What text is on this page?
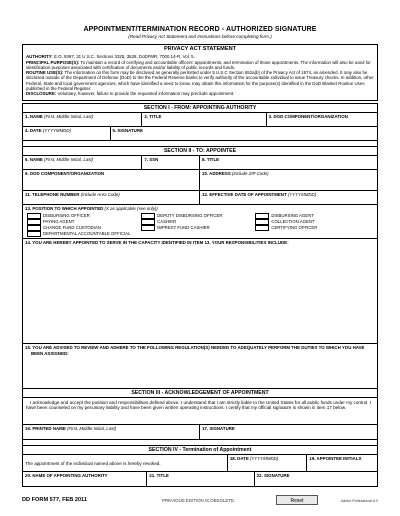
APPOINTMENT/TERMINATION RECORD - AUTHORIZED SIGNATURE
(Read Privacy Act Statement and Instructions before completing form.)
PRIVACY ACT STATEMENT

AUTHORITY: E.O. 9397, 31 U.S.C. Sections 3325, 3528, DoDFMR, 7000.14-R, Vol. 5.

PRINCIPAL PURPOSE(S): To maintain a record of certifying and accountable officers' appointments, and termination of those appointments. The information will also be used for identification purposes associated with certification of documents and/or liability of public records and funds.

ROUTINE USE(S): The information on this form may be disclosed as generally permitted under 5 U.S.C Section 552a(b) of the Privacy Act of 1974, as amended. It may also be disclosed outside of the Department of Defense (DoD) to the the Federal Reserve banks to verify authority of the accountable individual to issue Treasury checks. In addition, other Federal, State and local government agencies, which have identified a need to know, may obtain this information for the purpose(s) identified in the DoD Blanket Routine Uses published in the Federal Register.

DISCLOSURE: Voluntary, however, failure to provide the requested information may preclude appointment.

SECTION I - FROM: APPOINTING AUTHORITY
1. NAME (First, Middle Initial, Last)	2. TITLE	3. DOD COMPONENT/ORGANIZATION
4. DATE (YYYYMMDD)	5. SIGNATURE
SECTION II - TO: APPOINTEE
6. NAME (First, Middle Initial, Last)	7. SSN	8. TITLE
9. DOD COMPONENT/ORGANIZATION	10. ADDRESS (Include ZIP Code)
11. TELEPHONE NUMBER (Include Area Code)	12. EFFECTIVE DATE OF APPOINTMENT (YYYYMMDD)
13. POSITION TO WHICH APPOINTED (X as applicable (see only))
DISBURSING OFFICER	DEPUTY DISBURSING OFFICER	DISBURSING AGENT
PAYING AGENT	CASHIER	COLLECTION AGENT
CHANGE FUND CUSTODIAN	IMPREST FUND CASHIER	CERTIFYING OFFICER
DEPARTMENTAL ACCOUNTABLE OFFICIAL
14. YOU ARE HEREBY APPOINTED TO SERVE IN THE CAPACITY IDENTIFIED IN ITEM 13. YOUR RESPONSIBILITIES INCLUDE:
15. YOU ARE ADVISED TO REVIEW AND ADHERE TO THE FOLLOWING REGULATION(S) NEEDED TO ADEQUATELY PERFORM THE DUTIES TO WHICH YOU HAVE BEEN ASSIGNED:
SECTION III - ACKNOWLEDGEMENT OF APPOINTMENT
I acknowledge and accept the position and responsibilities defined above. I understand that I am strictly liable to the United States for all public funds under my control. I have been counseled on my pecuniary liability and have been given written operating instructions. I certify that my official signature is shown in item 17 below.
16. PRINTED NAME (First, Middle Initial, Last)	17. SIGNATURE
SECTION IV - Termination of Appointment
The appointment of the individual named above is hereby revoked.
18. DATE (YYYYMMDD)	19. APPOINTEE INITIALS
20. NAME OF APPOINTING AUTHORITY	21. TITLE	22. SIGNATURE
DD FORM 577, FEB 2011	PREVIOUS EDITION IS OBSOLETE.	Reset	Adobe Professional 8.0
